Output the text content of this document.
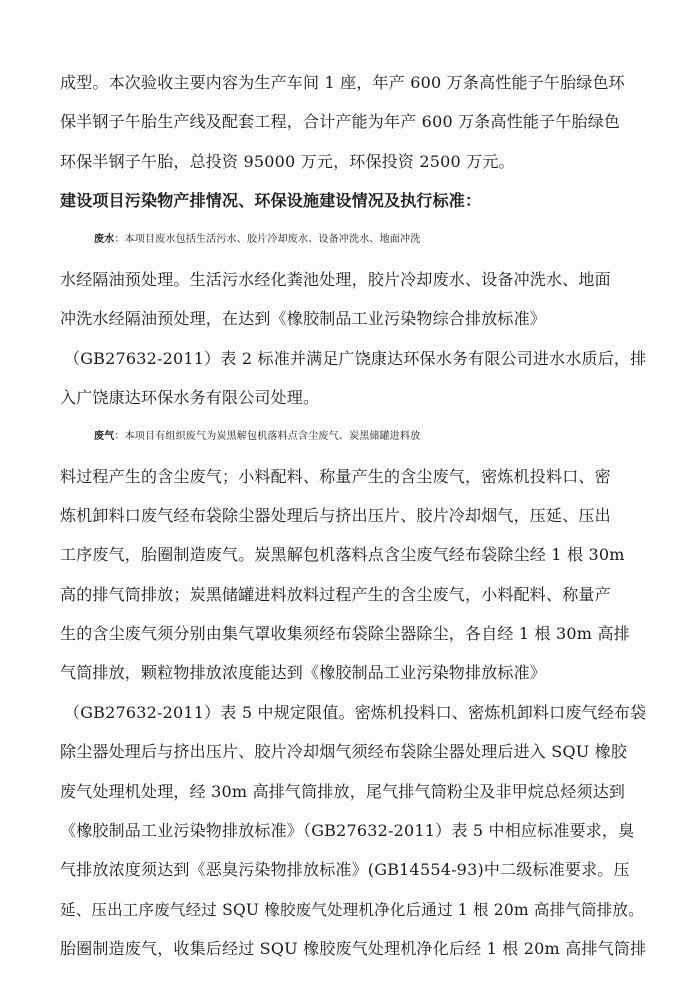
成型。本次验收主要内容为生产车间 1 座，年产 600 万条高性能子午胎绿色环
保半钢子午胎生产线及配套工程，合计产能为年产 600 万条高性能子午胎绿色
环保半钢子午胎，总投资 95000 万元，环保投资 2500 万元。
建设项目污染物产排情况、环保设施建设情况及执行标准：
废水：本项目废水包括生活污水、胶片冷却废水、设备冲洗水、地面冲洗
水经隔油预处理。生活污水经化粪池处理，胶片冷却废水、设备冲洗水、地面
冲洗水经隔油预处理，在达到《橡胶制品工业污染物综合排放标准》
（GB27632-2011）表 2 标准并满足广饶康达环保水务有限公司进水水质后，排
入广饶康达环保水务有限公司处理。
废气：本项目有组织废气为炭黑解包机落料点含尘废气、炭黑储罐进料放
料过程产生的含尘废气；小料配料、称量产生的含尘废气，密炼机投料口、密
炼机卸料口废气经布袋除尘器处理后与挤出压片、胶片冷却烟气，压延、压出
工序废气，胎圈制造废气。炭黑解包机落料点含尘废气经布袋除尘经 1 根 30m
高的排气筒排放；炭黑储罐进料放料过程产生的含尘废气，小料配料、称量产
生的含尘废气须分别由集气罩收集须经布袋除尘器除尘，各自经 1 根 30m 高排
气筒排放，颗粒物排放浓度能达到《橡胶制品工业污染物排放标准》
（GB27632-2011）表 5 中规定限值。密炼机投料口、密炼机卸料口废气经布袋
除尘器处理后与挤出压片、胶片冷却烟气须经布袋除尘器处理后进入 SQU 橡胶
废气处理机处理，经 30m 高排气筒排放，尾气排气筒粉尘及非甲烷总烃须达到
《橡胶制品工业污染物排放标准》（GB27632-2011）表 5 中相应标准要求，臭
气排放浓度须达到《恶臭污染物排放标准》(GB14554-93)中二级标准要求。压
延、压出工序废气经过 SQU 橡胶废气处理机净化后通过 1 根 20m 高排气筒排放。
胎圈制造废气，收集后经过 SQU 橡胶废气处理机净化后经 1 根 20m 高排气筒排
